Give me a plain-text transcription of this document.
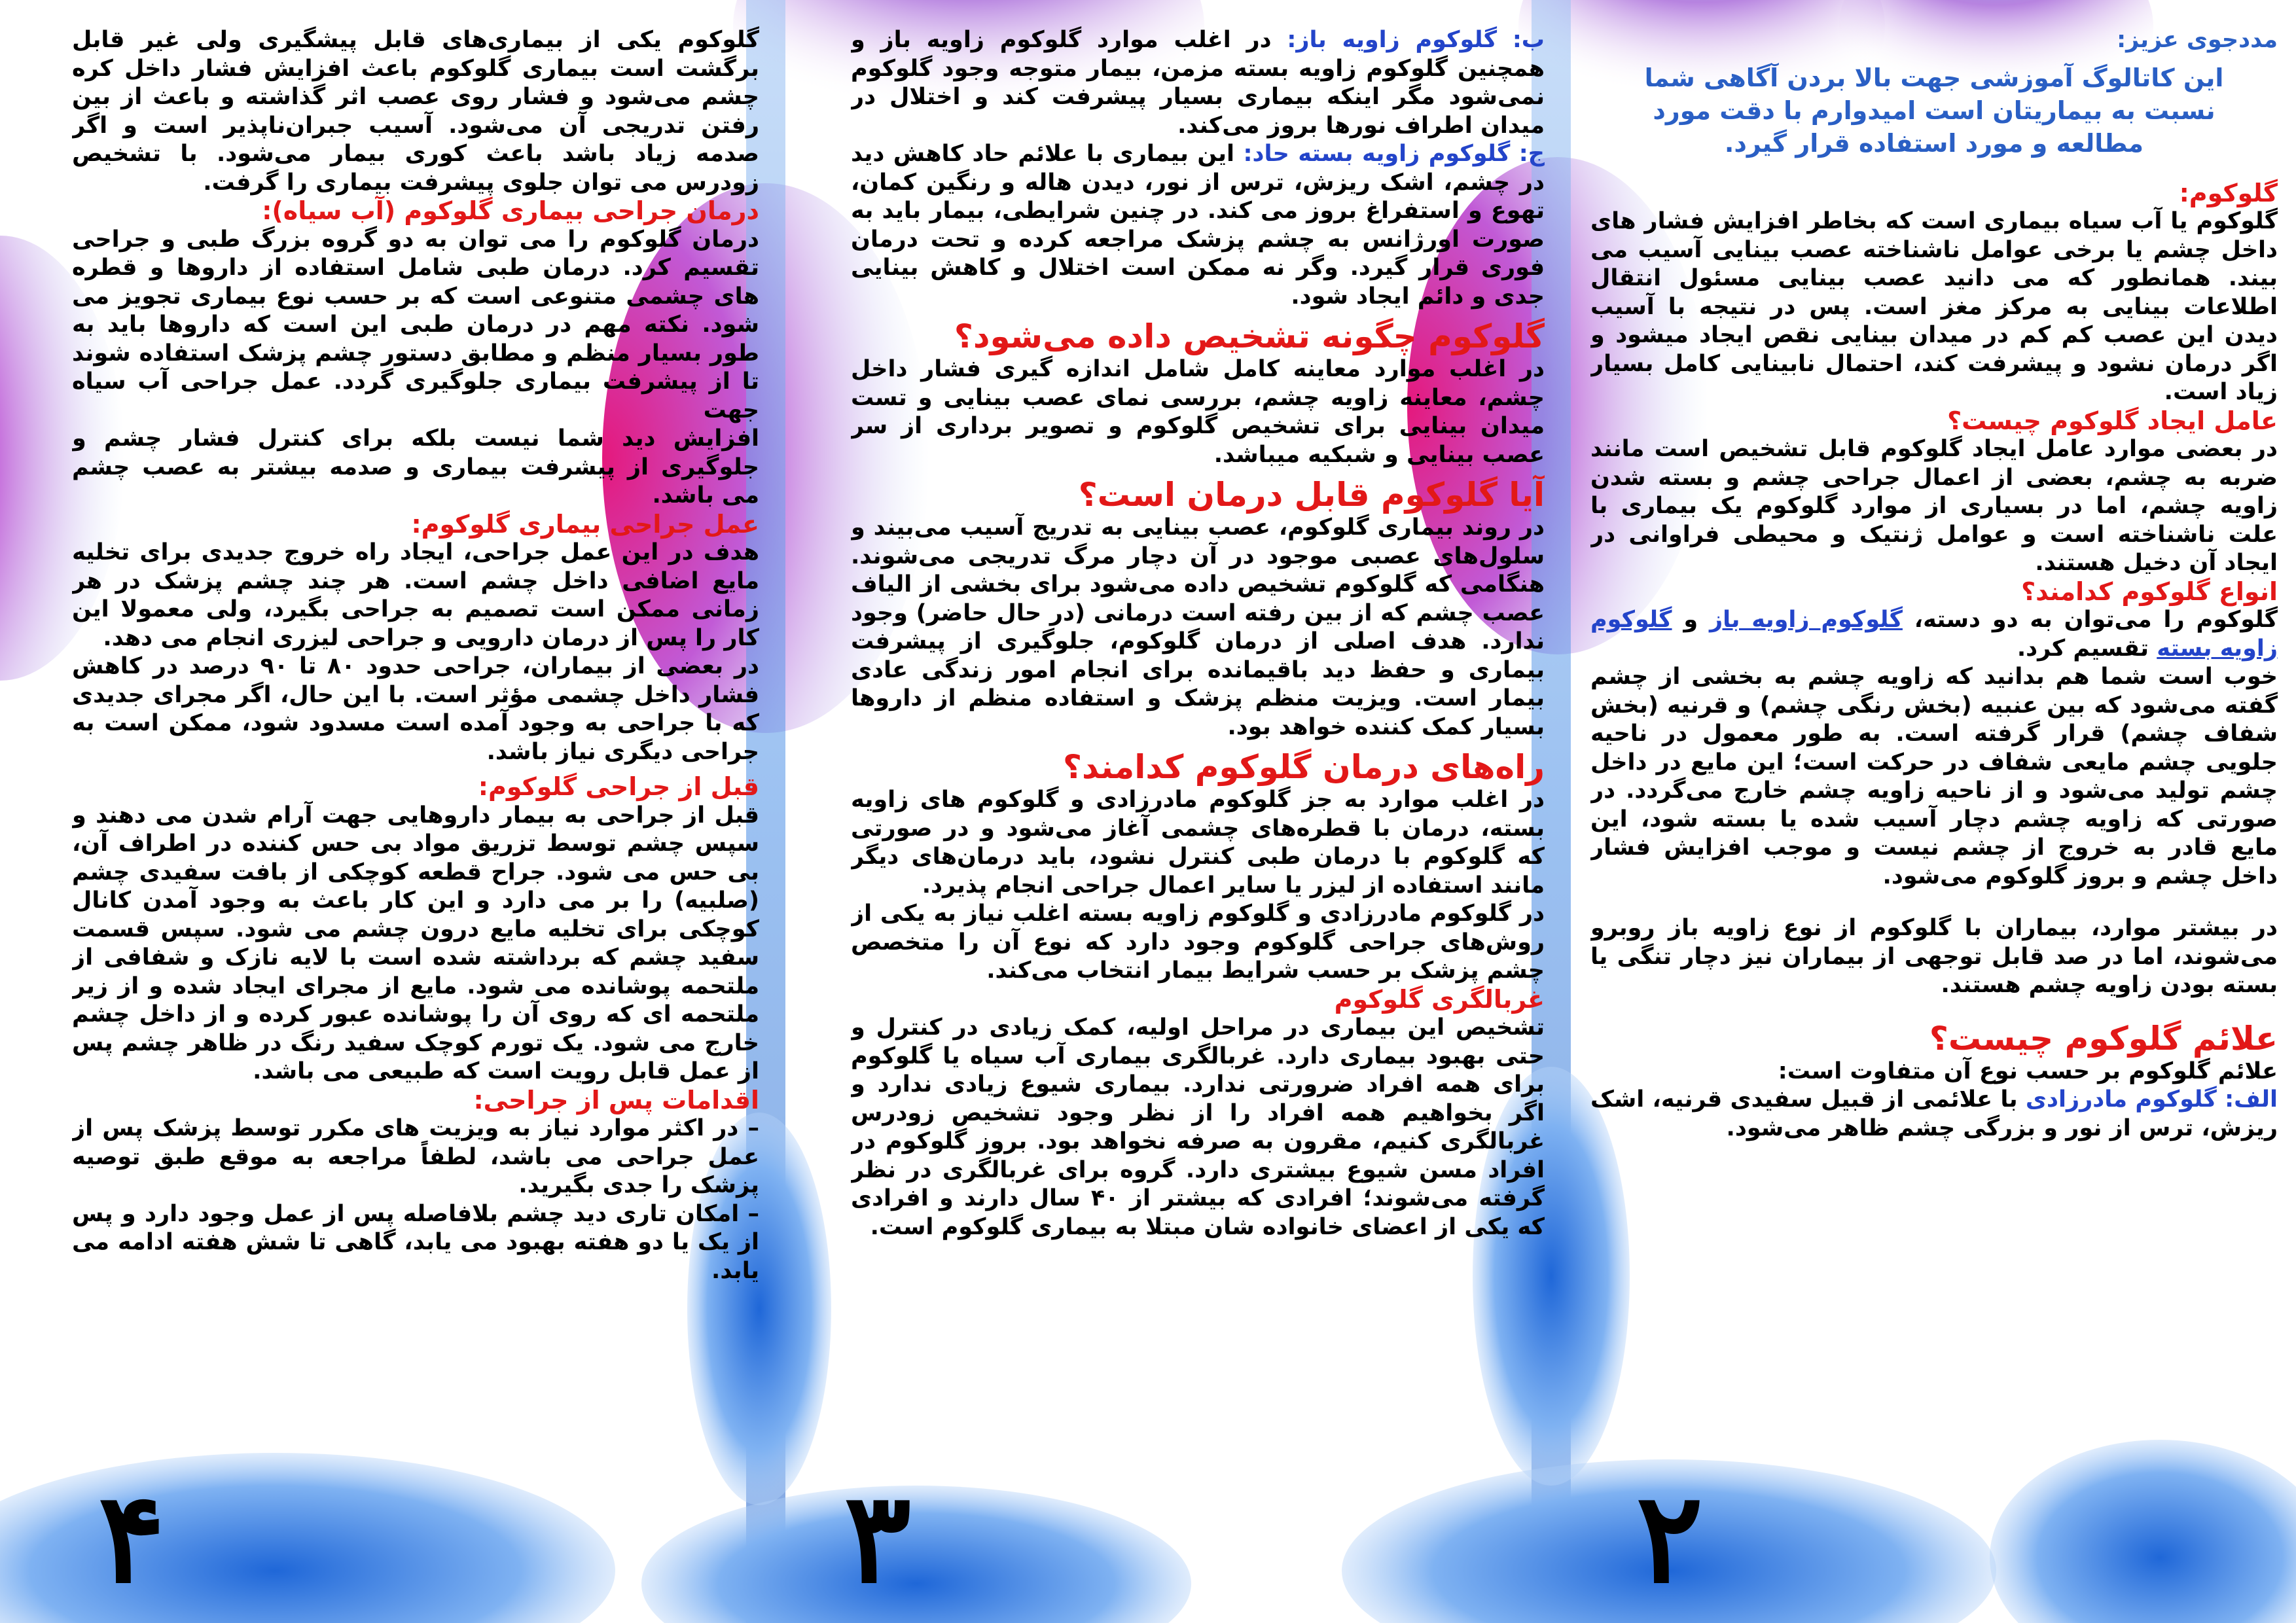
مددجوی عزیز:
این کاتالوگ آموزشی جهت بالا بردن آگاهی شما نسبت به بیماریتان است امیدوارم با دقت مورد مطالعه و مورد استفاده قرار گیرد.
گلوکوم:

گلوکوم یا آب سیاه بیماری است که بخاطر افزایش فشار های داخل چشم یا برخی عوامل ناشناخته عصب بینایی آسیب می بیند. همانطور که می دانید عصب بینایی مسئول انتقال اطلاعات بینایی به مرکز مغز است. پس در نتیجه با آسیب دیدن این عصب کم کم در میدان بینایی نقص ایجاد میشود و اگر درمان نشود و پیشرفت کند، احتمال نابینایی کامل بسیار زیاد است.

عامل ایجاد گلوکوم چیست؟

در بعضی موارد عامل ایجاد گلوکوم قابل تشخیص است مانند ضربه به چشم، بعضی از اعمال جراحی چشم و بسته شدن زاویه چشم، اما در بسیاری از موارد گلوکوم یک بیماری با علت ناشناخته است و عوامل ژنتیک و محیطی فراوانی در ایجاد آن دخیل هستند.

انواع گلوکوم کدامند؟

گلوکوم را می‌توان به دو دسته، گلوکوم زاویه باز و گلوکوم زاویه بسته تقسیم کرد.

خوب است شما هم بدانید که زاویه چشم به بخشی از چشم گفته می‌شود که بین عنبیه (بخش رنگی چشم) و قرنیه (بخش شفاف چشم) قرار گرفته است. به طور معمول در ناحیه جلویی چشم مایعی شفاف در حرکت است؛ این مایع در داخل چشم تولید می‌شود و از ناحیه زاویه چشم خارج می‌گردد. در صورتی که زاویه چشم دچار آسیب شده یا بسته شود، این مایع قادر به خروج از چشم نیست و موجب افزایش فشار داخل چشم و بروز گلوکوم می‌شود.

در بیشتر موارد، بیماران با گلوکوم از نوع زاویه باز روبرو می‌شوند، اما در صد قابل توجهی از بیماران نیز دچار تنگی یا بسته بودن زاویه چشم هستند.

علائم گلوکوم چیست؟

علائم گلوکوم بر حسب نوع آن متفاوت است:

الف: گلوکوم مادرزادی با علائمی از قبیل سفیدی قرنیه، اشک ریزش، ترس از نور و بزرگی چشم ظاهر می‌شود.

۲

ب: گلوکوم زاویه باز: در اغلب موارد گلوکوم زاویه باز و همچنین گلوکوم زاویه بسته مزمن، بیمار متوجه وجود گلوکوم نمی‌شود مگر اینکه بیماری بسیار پیشرفت کند و اختلال در میدان اطراف نورها بروز می‌کند.

ج: گلوکوم زاویه بسته حاد: این بیماری با علائم حاد کاهش دید در چشم، اشک ریزش، ترس از نور، دیدن هاله و رنگین کمان، تهوع و استفراغ بروز می کند. در چنین شرایطی، بیمار باید به صورت اورژانس به چشم پزشک مراجعه کرده و تحت درمان فوری قرار گیرد. وگر نه ممکن است اختلال و کاهش بینایی جدی و دائم ایجاد شود.

گلوکوم چگونه تشخیص داده می‌شود؟

در اغلب موارد معاینه کامل شامل اندازه گیری فشار داخل چشم، معاینه زاویه چشم، بررسی نمای عصب بینایی و تست میدان بینایی برای تشخیص گلوکوم و تصویر برداری از سر عصب بینایی و شبکیه میباشد.

آیا گلوکوم قابل درمان است؟

در روند بیماری گلوکوم، عصب بینایی به تدریج آسیب می‌بیند و سلول‌های عصبی موجود در آن دچار مرگ تدریجی می‌شوند. هنگامی که گلوکوم تشخیص داده می‌شود برای بخشی از الیاف عصب چشم که از بین رفته است درمانی (در حال حاضر) وجود ندارد. هدف اصلی از درمان گلوکوم، جلوگیری از پیشرفت بیماری و حفظ دید باقیمانده برای انجام امور زندگی عادی بیمار است. ویزیت منظم پزشک و استفاده منظم از داروها بسیار کمک کننده خواهد بود.

راه‌های درمان گلوکوم کدامند؟

در اغلب موارد به جز گلوکوم مادرزادی و گلوکوم های زاویه بسته، درمان با قطره‌های چشمی آغاز می‌شود و در صورتی که گلوکوم با درمان طبی کنترل نشود، باید درمان‌های دیگر مانند استفاده از لیزر یا سایر اعمال جراحی انجام پذیرد.

در گلوکوم مادرزادی و گلوکوم زاویه بسته اغلب نیاز به یکی از روش‌های جراحی گلوکوم وجود دارد که نوع آن را متخصص چشم پزشک بر حسب شرایط بیمار انتخاب می‌کند.

غربالگری گلوکوم

تشخیص این بیماری در مراحل اولیه، کمک زیادی در کنترل و حتی بهبود بیماری دارد. غربالگری بیماری آب سیاه یا گلوکوم برای همه افراد ضرورتی ندارد. بیماری شیوع زیادی ندارد و اگر بخواهیم همه افراد را از نظر وجود تشخیص زودرس غربالگری کنیم، مقرون به صرفه نخواهد بود. بروز گلوکوم در افراد مسن شیوع بیشتری دارد. گروه برای غربالگری در نظر گرفته می‌شوند؛ افرادی که بیشتر از ۴۰ سال دارند و افرادی که یکی از اعضای خانواده شان مبتلا به بیماری گلوکوم است.

۳

گلوکوم یکی از بیماری‌های قابل پیشگیری ولی غیر قابل برگشت است بیماری گلوکوم باعث افزایش فشار داخل کره چشم می‌شود و فشار روی عصب اثر گذاشته و باعث از بین رفتن تدریجی آن می‌شود. آسیب جبران‌ناپذیر است و اگر صدمه زیاد باشد باعث کوری بیمار می‌شود. با تشخیص زودرس می توان جلوی پیشرفت بیماری را گرفت.

درمان جراحی بیماری گلوکوم (آب سیاه):

درمان گلوکوم را می توان به دو گروه بزرگ طبی و جراحی تقسیم کرد. درمان طبی شامل استفاده از داروها و قطره های چشمی متنوعی است که بر حسب نوع بیماری تجویز می شود. نکته مهم در درمان طبی این است که داروها باید به طور بسیار منظم و مطابق دستور چشم پزشک استفاده شوند تا از پیشرفت بیماری جلوگیری گردد. عمل جراحی آب سیاه جهت

افزایش دید شما نیست بلکه برای کنترل فشار چشم و جلوگیری از پیشرفت بیماری و صدمه بیشتر به عصب چشم می باشد.

عمل جراحی بیماری گلوکوم:

هدف در این عمل جراحی، ایجاد راه خروج جدیدی برای تخلیه مایع اضافی داخل چشم است. هر چند چشم پزشک در هر زمانی ممکن است تصمیم به جراحی بگیرد، ولی معمولا این کار را پس از درمان دارویی و جراحی لیزری انجام می دهد.

در بعضی از بیماران، جراحی حدود ۸۰ تا ۹۰ درصد در کاهش فشار داخل چشمی مؤثر است. با این حال، اگر مجرای جدیدی که با جراحی به وجود آمده است مسدود شود، ممکن است به جراحی دیگری نیاز باشد.

قبل از جراحی گلوکوم:

قبل از جراحی به بیمار داروهایی جهت آرام شدن می دهند و سپس چشم توسط تزریق مواد بی حس کننده در اطراف آن، بی حس می شود. جراح قطعه کوچکی از بافت سفیدی چشم (صلبیه) را بر می دارد و این کار باعث به وجود آمدن کانال کوچکی برای تخلیه مایع درون چشم می شود. سپس قسمت سفید چشم که برداشته شده است با لایه نازک و شفافی از ملتحمه پوشانده می شود. مایع از مجرای ایجاد شده و از زیر ملتحمه ای که روی آن را پوشانده عبور کرده و از داخل چشم خارج می شود. یک تورم کوچک سفید رنگ در ظاهر چشم پس از عمل قابل رویت است که طبیعی می باشد.

اقدامات پس از جراحی:

– در اکثر موارد نیاز به ویزیت های مکرر توسط پزشک پس از عمل جراحی می باشد، لطفاً مراجعه به موقع طبق توصیه پزشک را جدی بگیرید.

– امکان تاری دید چشم بلافاصله پس از عمل وجود دارد و پس از یک یا دو هفته بهبود می یابد، گاهی تا شش هفته ادامه می یابد.

۴
